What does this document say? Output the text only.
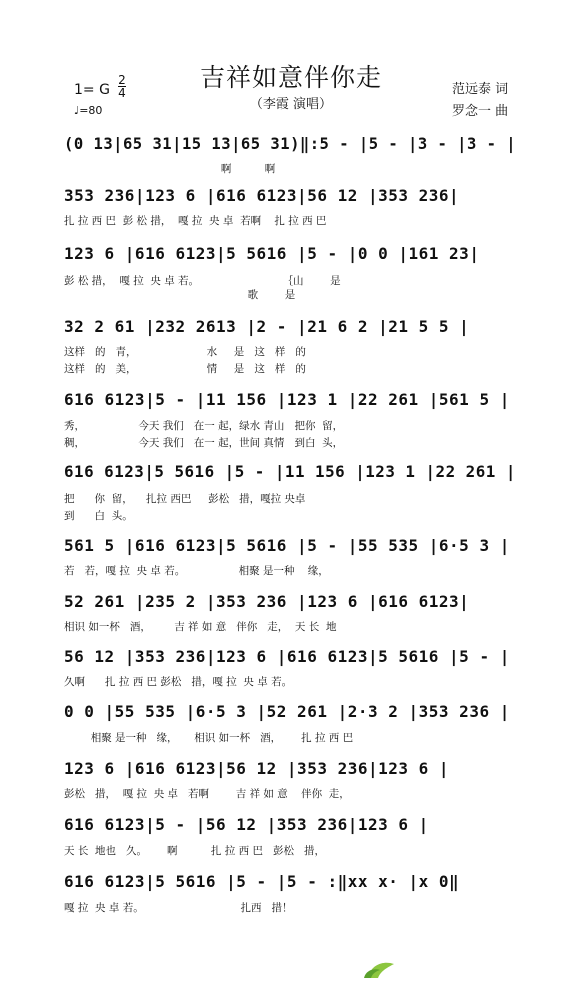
吉祥如意伴你走
（李霞 演唱）
1= G
2
4
♩=80
范远泰 词
罗念一 曲
(0 13|65 31|15 13|65 31)‖:5 - |5 - |3 - |3 - |
啊          啊
353 236|123 6 |616 6123|56 12 |353 236|
扎 拉 西 巴  彭 松 措，  嘎 拉  央 卓  若啊    扎 拉 西 巴
123 6 |616 6123|5 5616 |5 - |0 0 |161 23|
彭 松 措，  嘎 拉  央 卓 若。                         ｛山        是
歌        是
32 2 61 |232 2613 |2 - |21 6 2 |21 5 5 |
这样   的   青，                     水     是   这   样   的
这样   的   美，                     情     是   这   样   的
616 6123|5 - |11 156 |123 1 |22 261 |561 5 |
秀，                今天 我们   在一 起，绿水 青山   把你  留，
稠，                今天 我们   在一 起，世间 真情   到白  头，
616 6123|5 5616 |5 - |11 156 |123 1 |22 261 |
把      你  留，    扎拉 西巴     彭松   措，嘎拉 央卓
到      白  头。
561 5 |616 6123|5 5616 |5 - |55 535 |6·5 3 |
若   若，嘎 拉  央 卓 若。                相聚 是一种    缘，
52 261 |235 2 |353 236 |123 6 |616 6123|
相识 如一杯   酒，       吉 祥 如 意   伴你   走，  天 长  地
56 12 |353 236|123 6 |616 6123|5 5616 |5 - |
久啊      扎 拉 西 巴 彭松   措，嘎 拉  央 卓 若。
0 0 |55 535 |6·5 3 |52 261 |2·3 2 |353 236 |
相聚 是一种   缘，     相识 如一杯   酒，      扎 拉 西 巴
123 6 |616 6123|56 12 |353 236|123 6 |
彭松   措，  嘎 拉  央 卓   若啊        吉 祥 如 意    伴你  走，
616 6123|5 - |56 12 |353 236|123 6 |
天 长  地也   久。      啊          扎 拉 西 巴   彭松   措，
616 6123|5 5616 |5 - |5 - :‖xx x· |x 0‖
嘎 拉  央 卓 若。                             扎西   措！
